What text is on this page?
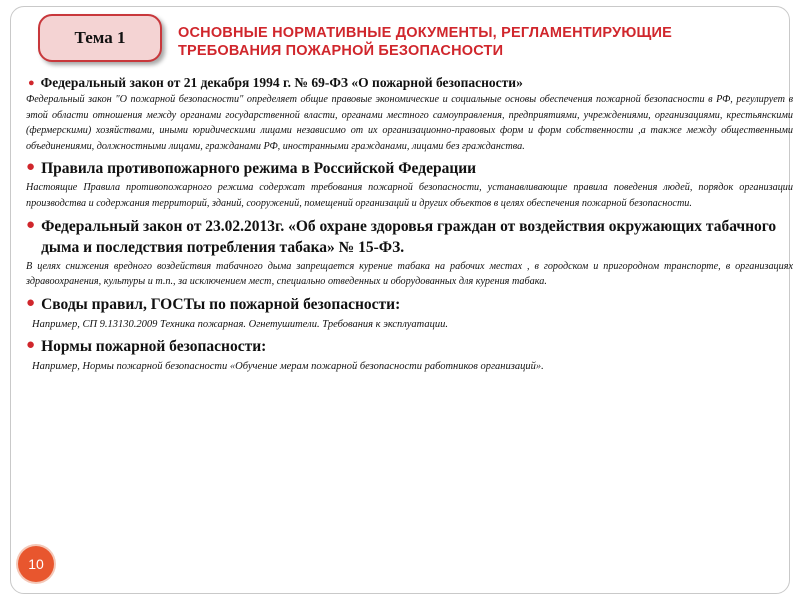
Тема 1	ОСНОВНЫЕ НОРМАТИВНЫЕ ДОКУМЕНТЫ, РЕГЛАМЕНТИРУЮЩИЕ
ТРЕБОВАНИЯ ПОЖАРНОЙ БЕЗОПАСНОСТИ
● Федеральный закон от 21 декабря 1994 г. № 69-ФЗ «О пожарной безопасности»
Федеральный закон "О пожарной безопасности" определяет общие правовые экономические и социальные основы обеспечения пожарной безопасности в РФ, регулирует в этой области отношения между органами государственной власти, органами местного самоуправления, предприятиями, учреждениями, организациями, крестьянскими (фермерскими) хозяйствами, иными юридическими лицами независимо от их организационно-правовых форм и форм собственности ,а также между общественными объединениями, должностными лицами, гражданами РФ, иностранными гражданами, лицами без гражданства.
● Правила противопожарного режима в Российской Федерации
Настоящие Правила противопожарного режима содержат требования пожарной безопасности, устанавливающие правила поведения людей, порядок организации производства и содержания территорий, зданий, сооружений, помещений организаций и других объектов в целях обеспечения пожарной безопасности.
● Федеральный закон от 23.02.2013г. «Об охране здоровья граждан от воздействия окружающих табачного дыма и последствия потребления табака» № 15-ФЗ.
В целях снижения вредного воздействия табачного дыма запрещается курение табака на рабочих местах , в городском и пригородном транспорте, в организациях здравоохранения, культуры и т.п., за исключением мест, специально отведенных и оборудованных для курения табака.
● Своды правил, ГОСТы по пожарной безопасности:
Например, СП 9.13130.2009 Техника пожарная. Огнетушители. Требования к эксплуатации.
● Нормы пожарной безопасности:
Например, Нормы пожарной безопасности «Обучение мерам пожарной безопасности работников организаций».
10
